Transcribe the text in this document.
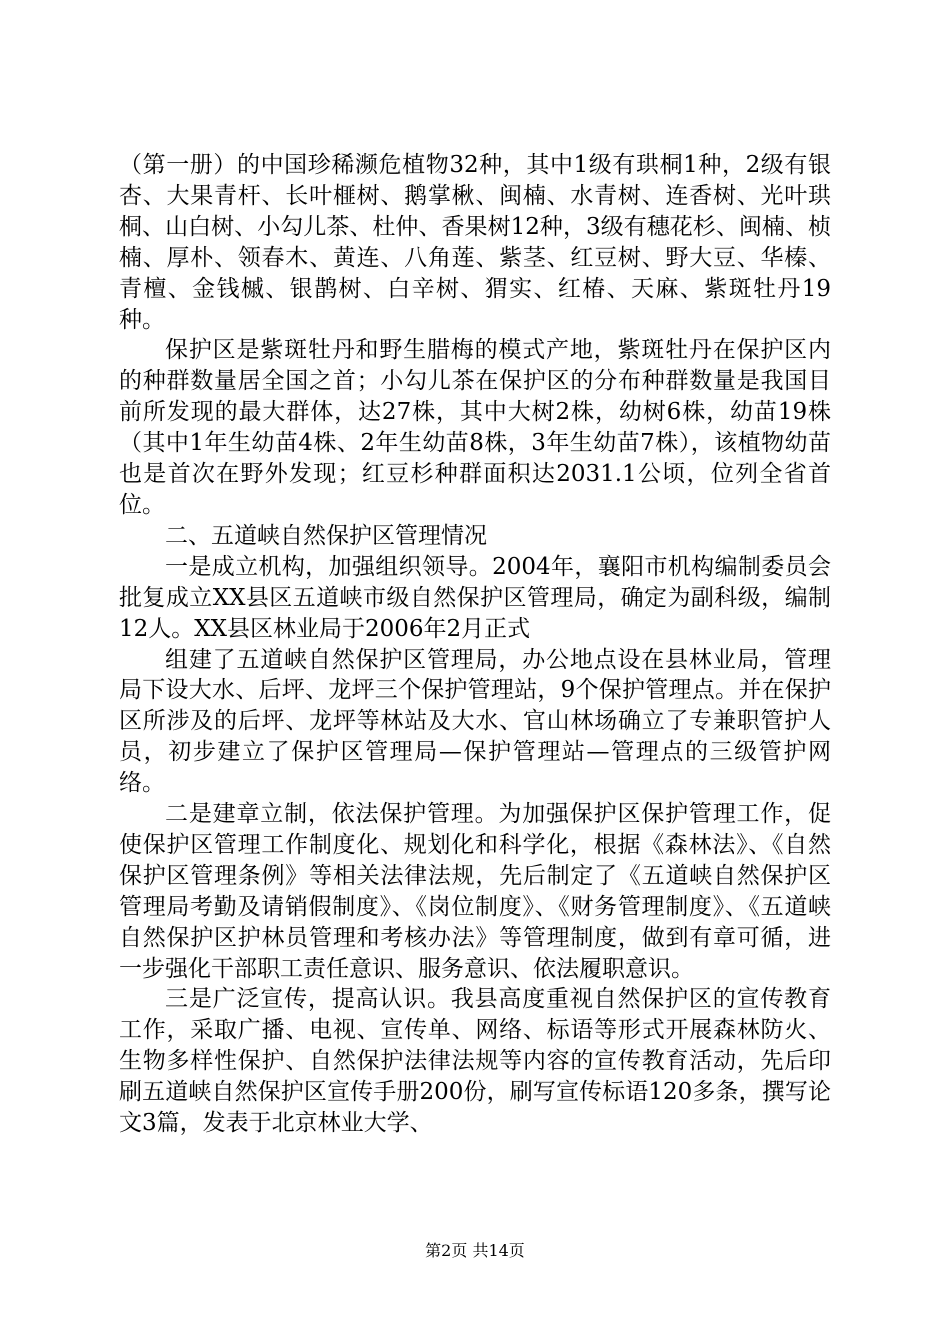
（第一册）的中国珍稀濒危植物32种，其中1级有珙桐1种，2级有银杏、大果青杆、长叶榧树、鹅掌楸、闽楠、水青树、连香树、光叶珙桐、山白树、小勾儿茶、杜仲、香果树12种，3级有穗花杉、闽楠、桢楠、厚朴、领春木、黄连、八角莲、紫茎、红豆树、野大豆、华榛、青檀、金钱槭、银鹊树、白辛树、猬实、红椿、天麻、紫斑牡丹19种。

保护区是紫斑牡丹和野生腊梅的模式产地，紫斑牡丹在保护区内的种群数量居全国之首；小勾儿茶在保护区的分布种群数量是我国目前所发现的最大群体，达27株，其中大树2株，幼树6株，幼苗19株（其中1年生幼苗4株、2年生幼苗8株，3年生幼苗7株），该植物幼苗也是首次在野外发现；红豆杉种群面积达2031.1公顷，位列全省首位。

二、五道峡自然保护区管理情况

一是成立机构，加强组织领导。2004年，襄阳市机构编制委员会批复成立XX县区五道峡市级自然保护区管理局，确定为副科级，编制12人。XX县区林业局于2006年2月正式

组建了五道峡自然保护区管理局，办公地点设在县林业局，管理局下设大水、后坪、龙坪三个保护管理站，9个保护管理点。并在保护区所涉及的后坪、龙坪等林站及大水、官山林场确立了专兼职管护人员，初步建立了保护区管理局—保护管理站—管理点的三级管护网络。

二是建章立制，依法保护管理。为加强保护区保护管理工作，促使保护区管理工作制度化、规划化和科学化，根据《森林法》、《自然保护区管理条例》等相关法律法规，先后制定了《五道峡自然保护区管理局考勤及请销假制度》、《岗位制度》、《财务管理制度》、《五道峡自然保护区护林员管理和考核办法》等管理制度，做到有章可循，进一步强化干部职工责任意识、服务意识、依法履职意识。

三是广泛宣传，提高认识。我县高度重视自然保护区的宣传教育工作，采取广播、电视、宣传单、网络、标语等形式开展森林防火、生物多样性保护、自然保护法律法规等内容的宣传教育活动，先后印刷五道峡自然保护区宣传手册200份，刷写宣传标语120多条，撰写论文3篇，发表于北京林业大学、

第2页 共14页
